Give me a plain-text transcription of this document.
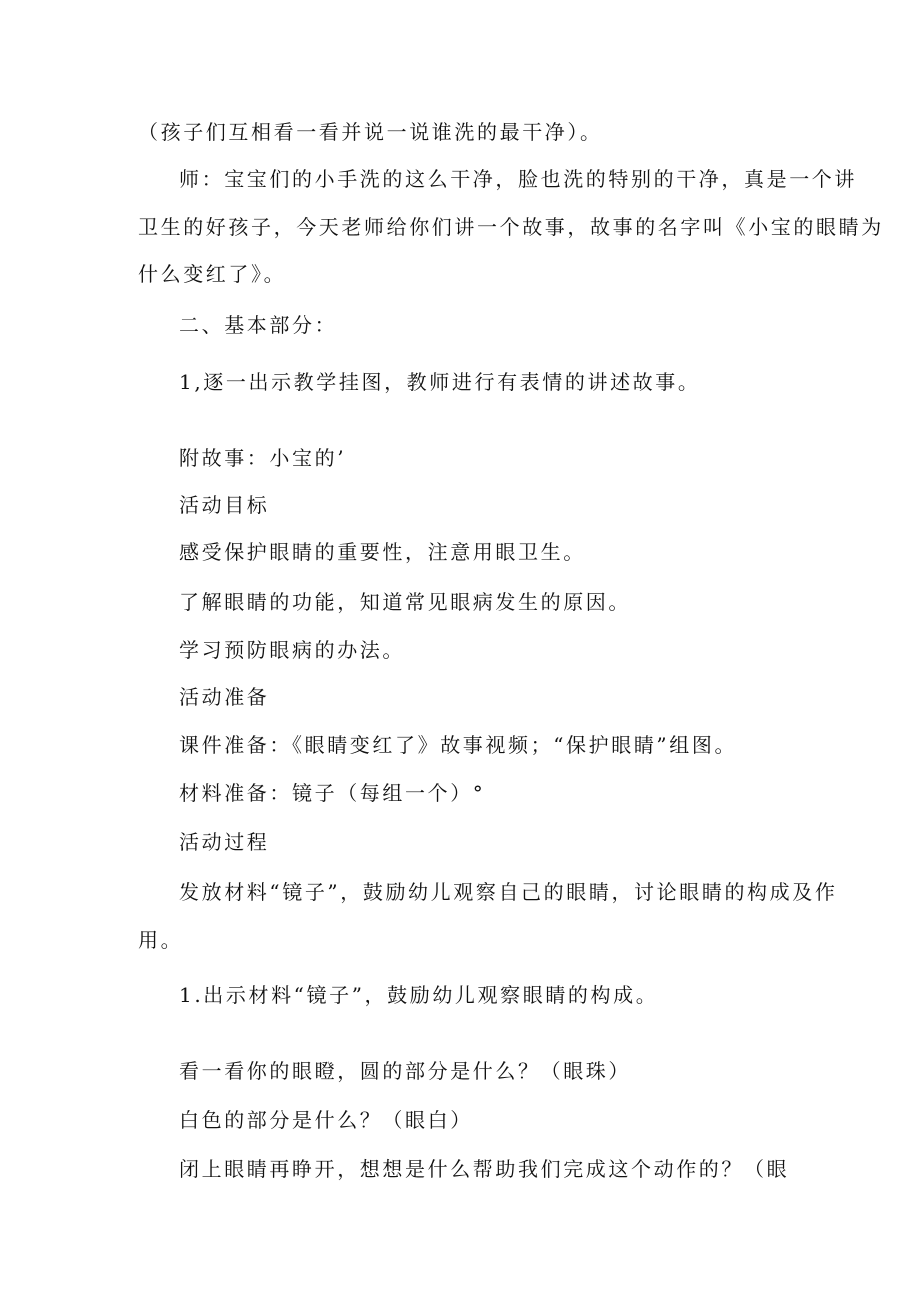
（孩子们互相看一看并说一说谁洗的最干净）。
师：宝宝们的小手洗的这么干净，脸也洗的特别的干净，真是一个讲
卫生的好孩子，今天老师给你们讲一个故事，故事的名字叫《小宝的眼睛为
什么变红了》。
二、基本部分：
1,逐一出示教学挂图，教师进行有表情的讲述故事。
附故事：小宝的’
活动目标
感受保护眼睛的重要性，注意用眼卫生。
了解眼睛的功能，知道常见眼病发生的原因。
学习预防眼病的办法。
活动准备
课件准备：《眼睛变红了》故事视频；“保护眼睛”组图。
材料准备：镜子（每组一个）°
活动过程
发放材料“镜子”，鼓励幼儿观察自己的眼睛，讨论眼睛的构成及作
用。
1.出示材料“镜子”，鼓励幼儿观察眼睛的构成。
看一看你的眼瞪，圆的部分是什么？（眼珠）
白色的部分是什么？（眼白）
闭上眼睛再睁开，想想是什么帮助我们完成这个动作的？（眼
